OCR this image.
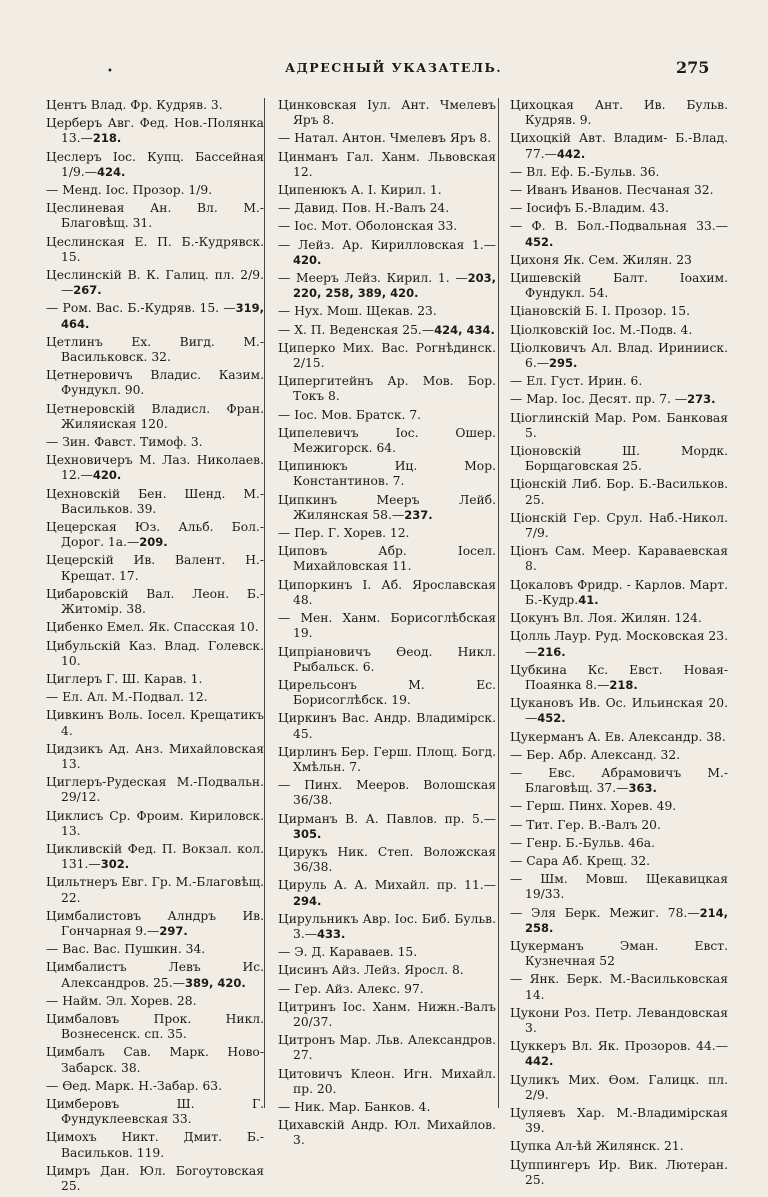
•	АДРЕСНЫЙ УКАЗАТЕЛЬ.	275
Центъ Влад. Фр. Кудряв. 3.
Церберъ Авг. Фед. Нов.-Полянка 13.—218.
Цеслеръ Іос. Купц. Бассейная 1/9.—424.
— Менд. Іос. Прозор. 1/9.
Цеслиневая Ан. Вл. М.-Благовѣщ. 31.
Цеслинская Е. П. Б.-Кудрявск. 15.
Цеслинскій В. К. Галиц. пл. 2/9.—267.
— Ром. Вас. Б.-Кудряв. 15. —319, 464.
Цетлинъ Ех. Вигд. М.-Васильковск. 32.
Цетнеровичъ Владис. Казим. Фундукл. 90.
Цетнеровскій Владисл. Фран. Жиляиская 120.
— Зин. Фавст. Тимоф. 3.
Цехновичеръ М. Лаз. Николаев. 12.—420.
Цехновскій Бен. Шенд. М.-Васильков. 39.
Цецерская Юз. Альб. Бол.-Дорог. 1а.—209.
Цецерскій Ив. Валент. Н.-Крещат. 17.
Цибаровскій Вал. Леон. Б.-Житоміp. 38.
Цибенко Емел. Як. Спасская 10.
Цибульскій Каз. Влад. Голевск. 10.
Циглеръ Г. Ш. Карав. 1.
— Ел. Ал. М.-Подвал. 12.
Цивкинъ Воль. Іосел. Крещатикъ 4.
Цидзикъ Ад. Анз. Михайловская 13.
Циглеръ-Рудеская М.-Подвальн. 29/12.
Циклисъ Ср. Фроим. Кириловск. 13.
Цикливскій Фед. П. Вокзал. кол. 131.—302.
Цильтнеръ Евг. Гр. М.-Благовѣщ. 22.
Цимбалистовъ Алндръ Ив. Гончарная 9.—297.
— Вас. Вас. Пушкин. 34.
Цимбалистъ Левъ Ис. Александров. 25.—389, 420.
— Найм. Эл. Хорев. 28.
Цимбаловъ Прок. Никл. Вознесенск. сп. 35.
Цимбалъ Сав. Марк. Ново-Забарск. 38.
— Ѳед. Марк. Н.-Забар. 63.
Цимберовъ Ш. Г. Фундуклеевская 33.
Цимохъ Никт. Дмит. Б.-Васильков. 119.
Цимръ Дан. Юл. Богоутовская 25.
Цинковская Іул. Ант. Чмелевъ Яръ 8.
— Натал. Антон. Чмелевъ Яръ 8.
Цинманъ Гал. Ханм. Львовская 12.
Ципенюкъ А. І. Кирил. 1.
— Давид. Пов. Н.-Валъ 24.
— Іос. Мот. Оболонская 33.
— Лейз. Ар. Кирилловская 1.—420.
— Мееръ Лейз. Кирил. 1. —203, 220, 258, 389, 420.
— Нух. Мош. Щекав. 23.
— Х. П. Веденская 25.—424, 434.
Циперко Мих. Вас. Рогнѣдинск. 2/15.
Ципергитейнъ Ар. Мов. Бор. Токъ 8.
— Іос. Мов. Братск. 7.
Ципелевичъ Іос. Ошер. Межигорск. 64.
Ципинюкъ Иц. Мор. Константинов. 7.
Ципкинъ Мееръ Лейб. Жилянская 58.—237.
— Пер. Г. Хорев. 12.
Циповъ Абр. Іосел. Михайловская 11.
Ципоркинъ І. Аб. Ярославская 48.
— Мен. Ханм. Борисоглѣбская 19.
Ципріановичъ Ѳеод. Никл. Рыбальск. 6.
Цирельсонъ М. Ес. Борисоглѣбск. 19.
Циркинъ Вас. Андр. Владимірск. 45.
Цирлинъ Бер. Герш. Площ. Богд. Хмѣльн. 7.
— Пинх. Мееров. Волошская 36/38.
Цирманъ В. А. Павлов. пр. 5.—305.
Цирукъ Ник. Степ. Воложская 36/38.
Цируль А. А. Михайл. пр. 11.—294.
Цирульникъ Авр. Іос. Биб. Бульв. 3.—433.
— Э. Д. Караваев. 15.
Цисинъ Айз. Лейз. Яросл. 8.
— Гер. Айз. Алекс. 97.
Цитринъ Іос. Ханм. Нижн.-Валъ 20/37.
Цитронъ Мар. Льв. Александров. 27.
Цитовичъ Клеон. Игн. Михайл. пр. 20.
— Ник. Мар. Банков. 4.
Цихавскій Андр. Юл. Михайлов. 3.
Цихоцкая Ант. Ив. Бульв. Кудряв. 9.
Цихоцкій Авт. Владим- Б.-Влад. 77.—442.
— Вл. Еф. Б.-Бульв. 36.
— Иванъ Иванов. Песчаная 32.
— Іосифъ Б.-Владим. 43.
— Ф. В. Бол.-Подвальная 33.—452.
Цихоня Як. Сем. Жилян. 23
Цишевскій Балт. Іоахим. Фундукл. 54.
Ціановскій Б. І. Прозор. 15.
Ціолковскій Іос. М.-Подв. 4.
Ціолковичъ Ал. Влад. Иринииск. 6.—295.
— Ел. Густ. Ирин. 6.
— Мар. Іос. Десят. пр. 7. —273.
Ціоглинскій Мар. Ром. Банковая 5.
Ціоновскій Ш. Мордк. Борщаговская 25.
Ціонскій Либ. Бор. Б.-Васильков. 25.
Ціонскій Гер. Срул. Наб.-Никол. 7/9.
Ціонъ Сам. Мееp. Караваевская 8.
Цокаловъ Фридр. - Карлов. Март. Б.-Кудр.41.
Цокунъ Вл. Лоя. Жилян. 124.
Цолль Лаур. Руд. Московская 23.—216.
Цубкина Кс. Евст. Новая-Поаянка 8.—218.
Цукановъ Ив. Ос. Ильинская 20.—452.
Цукерманъ А. Ев. Александр. 38.
— Бер. Абр. Александ. 32.
— Евс. Абрамовичъ М.-Благовѣщ. 37.—363.
— Герш. Пинх. Хорев. 49.
— Тит. Гер. В.-Валъ 20.
— Генр. Б.-Бульв. 46а.
— Сара Аб. Крещ. 32.
— Шм. Мовш. Щекавицкая 19/33.
— Эля Берк. Межиг. 78.—214, 258.
Цукерманъ Эман. Евст. Кузнечная 52
— Янк. Берк. М.-Васильковская 14.
Цукони Роз. Петр. Левандовская 3.
Цуккеръ Вл. Як. Прозоров. 44.—442.
Цуликъ Мих. Ѳом. Галицк. пл. 2/9.
Цуляевъ Хар. М.-Владимірская 39.
Цупка Ал-ѣй Жилянск. 21.
Цуппингеръ Ир. Вик. Лютеран. 25.
